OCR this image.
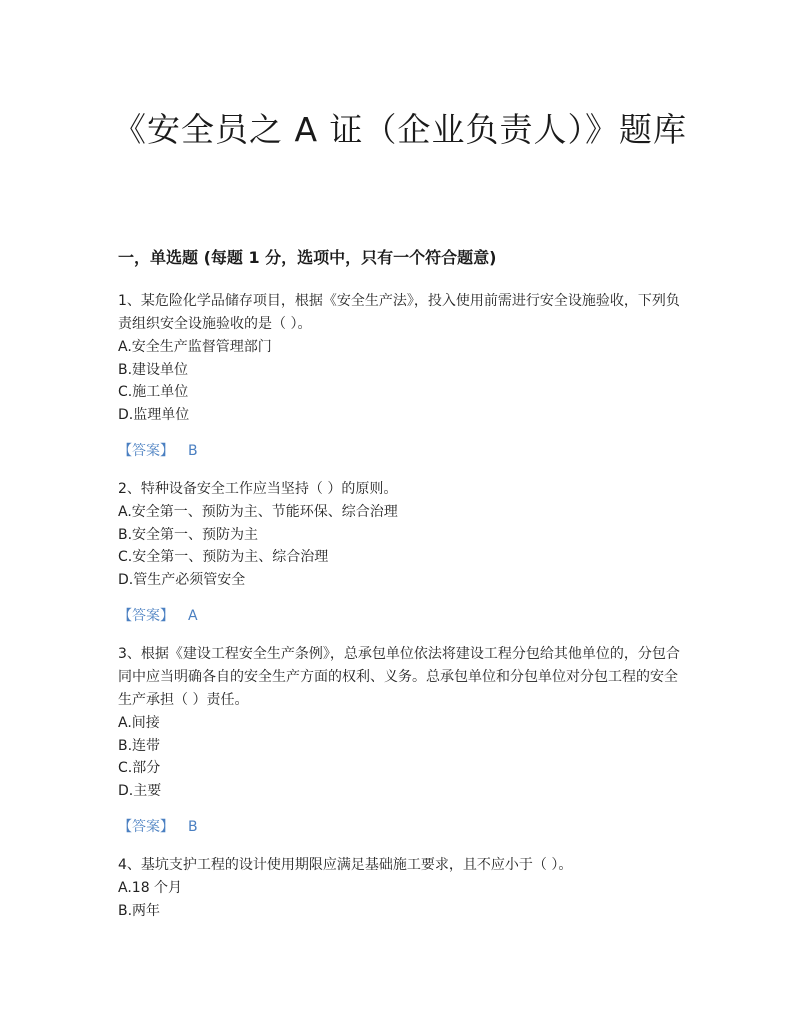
《安全员之 A 证（企业负责人）》题库
一，单选题 (每题 1 分，选项中，只有一个符合题意)
1、某危险化学品储存项目，根据《安全生产法》，投入使用前需进行安全设施验收，下列负责组织安全设施验收的是（ ）。
A.安全生产监督管理部门
B.建设单位
C.施工单位
D.监理单位
【答案】 B
2、特种设备安全工作应当坚持（ ）的原则。
A.安全第一、预防为主、节能环保、综合治理
B.安全第一、预防为主
C.安全第一、预防为主、综合治理
D.管生产必须管安全
【答案】 A
3、根据《建设工程安全生产条例》，总承包单位依法将建设工程分包给其他单位的，分包合同中应当明确各自的安全生产方面的权利、义务。总承包单位和分包单位对分包工程的安全生产承担（ ）责任。
A.间接
B.连带
C.部分
D.主要
【答案】 B
4、基坑支护工程的设计使用期限应满足基础施工要求，且不应小于（ ）。
A.18 个月
B.两年
